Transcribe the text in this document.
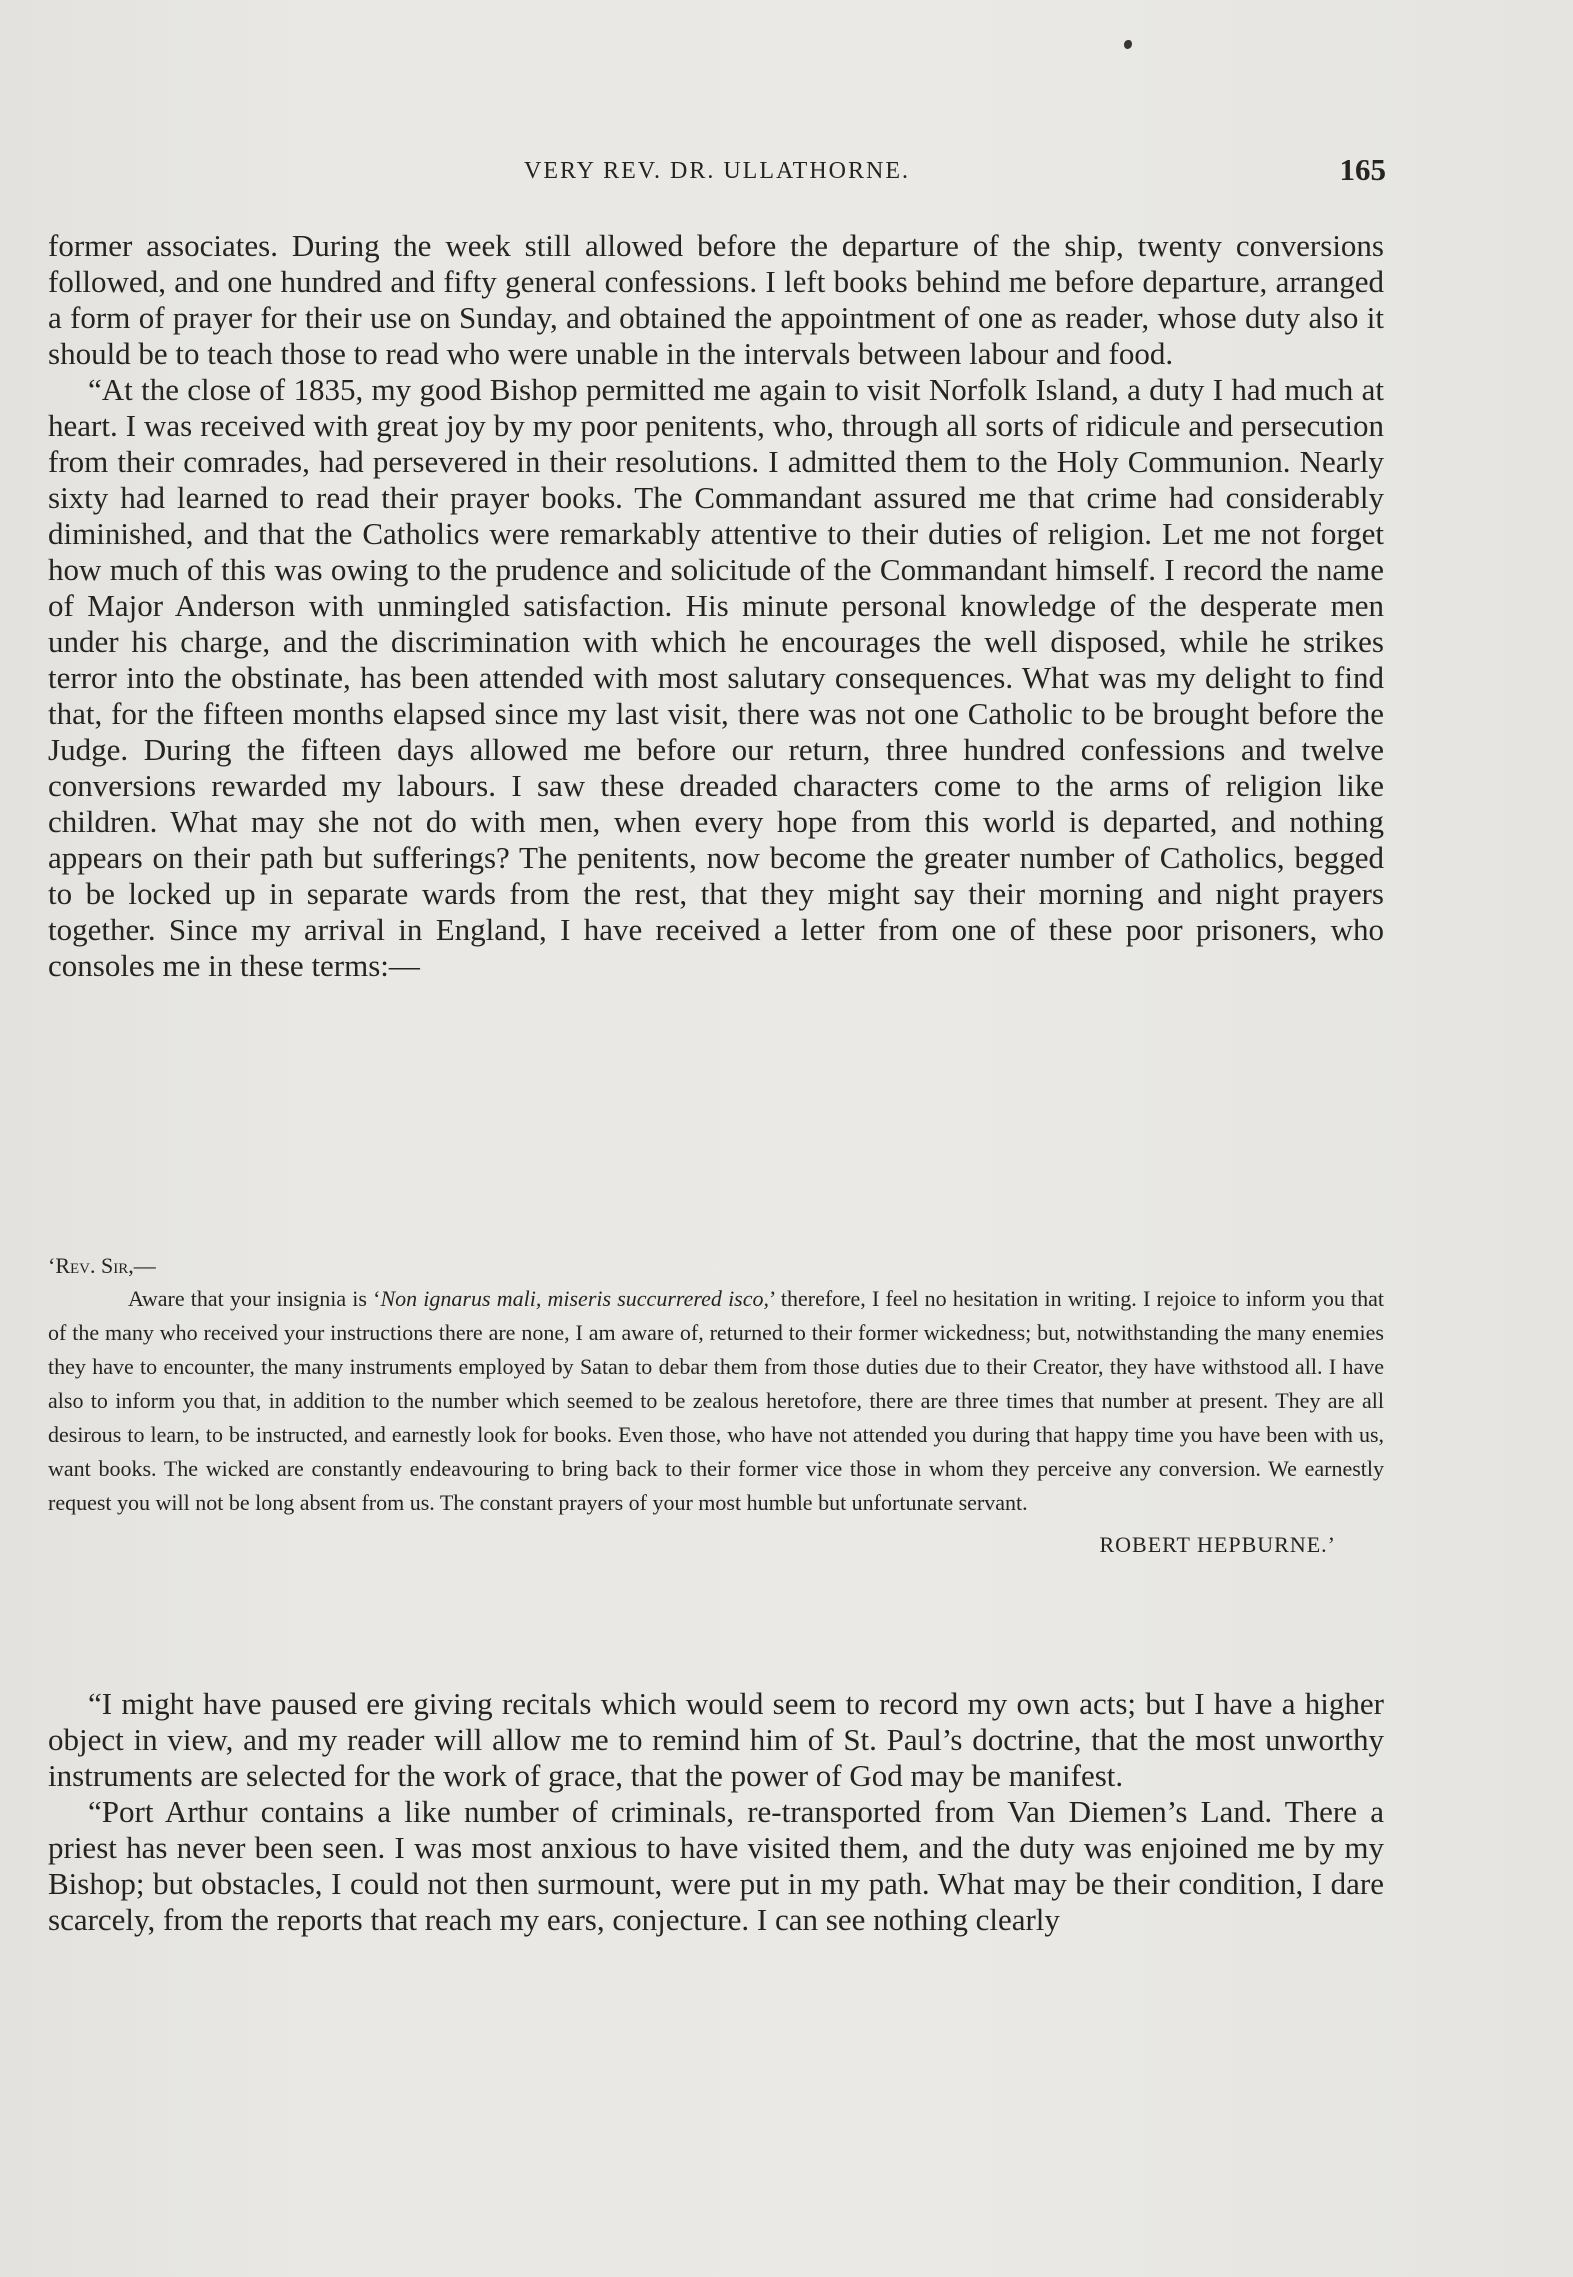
VERY REV. DR. ULLATHORNE.	165

former associates. During the week still allowed before the departure of the ship, twenty conversions followed, and one hundred and fifty general confessions. I left books behind me before departure, arranged a form of prayer for their use on Sunday, and obtained the appointment of one as reader, whose duty also it should be to teach those to read who were unable in the intervals between labour and food.

“At the close of 1835, my good Bishop permitted me again to visit Norfolk Island, a duty I had much at heart. I was received with great joy by my poor penitents, who, through all sorts of ridicule and persecution from their comrades, had persevered in their resolutions. I admitted them to the Holy Communion. Nearly sixty had learned to read their prayer books. The Commandant assured me that crime had considerably diminished, and that the Catholics were remarkably attentive to their duties of religion. Let me not forget how much of this was owing to the prudence and solicitude of the Commandant himself. I record the name of Major Anderson with unmingled satisfaction. His minute personal knowledge of the desperate men under his charge, and the discrimination with which he encourages the well disposed, while he strikes terror into the obstinate, has been attended with most salutary consequences. What was my delight to find that, for the fifteen months elapsed since my last visit, there was not one Catholic to be brought before the Judge. During the fifteen days allowed me before our return, three hundred confessions and twelve conversions rewarded my labours. I saw these dreaded characters come to the arms of religion like children. What may she not do with men, when every hope from this world is departed, and nothing appears on their path but sufferings? The penitents, now become the greater number of Catholics, begged to be locked up in separate wards from the rest, that they might say their morning and night prayers together. Since my arrival in England, I have received a letter from one of these poor prisoners, who consoles me in these terms:—

‘Rev. Sir,—

Aware that your insignia is ‘Non ignarus mali, miseris succurrered isco,’ therefore, I feel no hesitation in writing. I rejoice to inform you that of the many who received your instructions there are none, I am aware of, returned to their former wickedness; but, notwithstanding the many enemies they have to encounter, the many instruments employed by Satan to debar them from those duties due to their Creator, they have withstood all. I have also to inform you that, in addition to the number which seemed to be zealous heretofore, there are three times that number at present. They are all desirous to learn, to be instructed, and earnestly look for books. Even those, who have not attended you during that happy time you have been with us, want books. The wicked are constantly endeavouring to bring back to their former vice those in whom they perceive any conversion. We earnestly request you will not be long absent from us. The constant prayers of your most humble but unfortunate servant.

ROBERT HEPBURNE.’

“I might have paused ere giving recitals which would seem to record my own acts; but I have a higher object in view, and my reader will allow me to remind him of St. Paul’s doctrine, that the most unworthy instruments are selected for the work of grace, that the power of God may be manifest.

“Port Arthur contains a like number of criminals, re-transported from Van Diemen’s Land. There a priest has never been seen. I was most anxious to have visited them, and the duty was enjoined me by my Bishop; but obstacles, I could not then surmount, were put in my path. What may be their condition, I dare scarcely, from the reports that reach my ears, conjecture. I can see nothing clearly
